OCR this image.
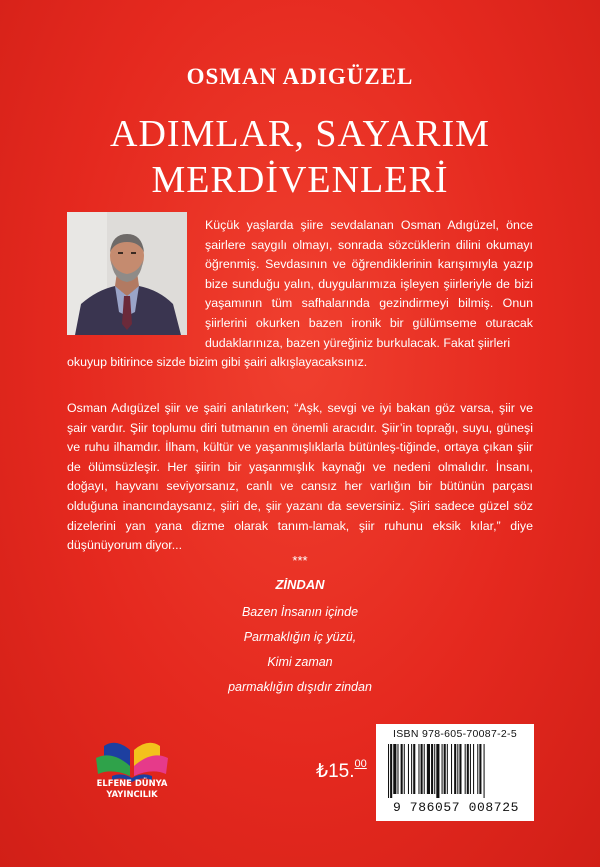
OSMAN ADIGÜZEL
ADIMLAR, SAYARIM
MERDİVENLERİ
Küçük yaşlarda şiire sevdalanan Osman Adıgüzel, önce şairlere saygılı olmayı, sonrada sözcüklerin dilini okumayı öğrenmiş. Sevdasının ve öğrendiklerinin karışımıyla yazıp bize sunduğu yalın, duygularımıza işleyen şiirleriyle de bizi yaşamının tüm safhalarında gezindirmeyi bilmiş. Onun şiirlerini okurken bazen ironik bir gülümseme oturacak dudaklarınıza, bazen yüreğiniz burkulacak. Fakat şiirleri
okuyup bitirince sizde bizim gibi şairi alkışlayacaksınız.
Osman Adıgüzel şiir ve şairi anlatırken; “Aşk, sevgi ve iyi bakan göz varsa, şiir ve şair vardır. Şiir toplumu diri tutmanın en önemli aracıdır. Şiir’in toprağı, suyu, güneşi ve ruhu ilhamdır. İlham, kültür ve yaşanmışlıklarla bütünleş-tiğinde, ortaya çıkan şiir de ölümsüzleşir. Her şiirin bir yaşanmışlık kaynağı ve nedeni olmalıdır. İnsanı, doğayı, hayvanı seviyorsanız, canlı ve cansız her varlığın bir bütünün parçası olduğuna inancındaysanız, şiiri de, şiir yazanı da seversiniz. Şiiri sadece güzel söz dizelerini yan yana dizme olarak tanım-lamak, şiir ruhunu eksik kılar,” diye düşünüyorum diyor...
***
ZİNDAN
Bazen İnsanın içinde
Parmaklığın iç yüzü,
Kimi zaman
parmaklığın dışıdır zindan
ELFENE DÜNYA
YAYINCILIK
₺15.00
ISBN 978-605-70087-2-5
9 786057 008725
